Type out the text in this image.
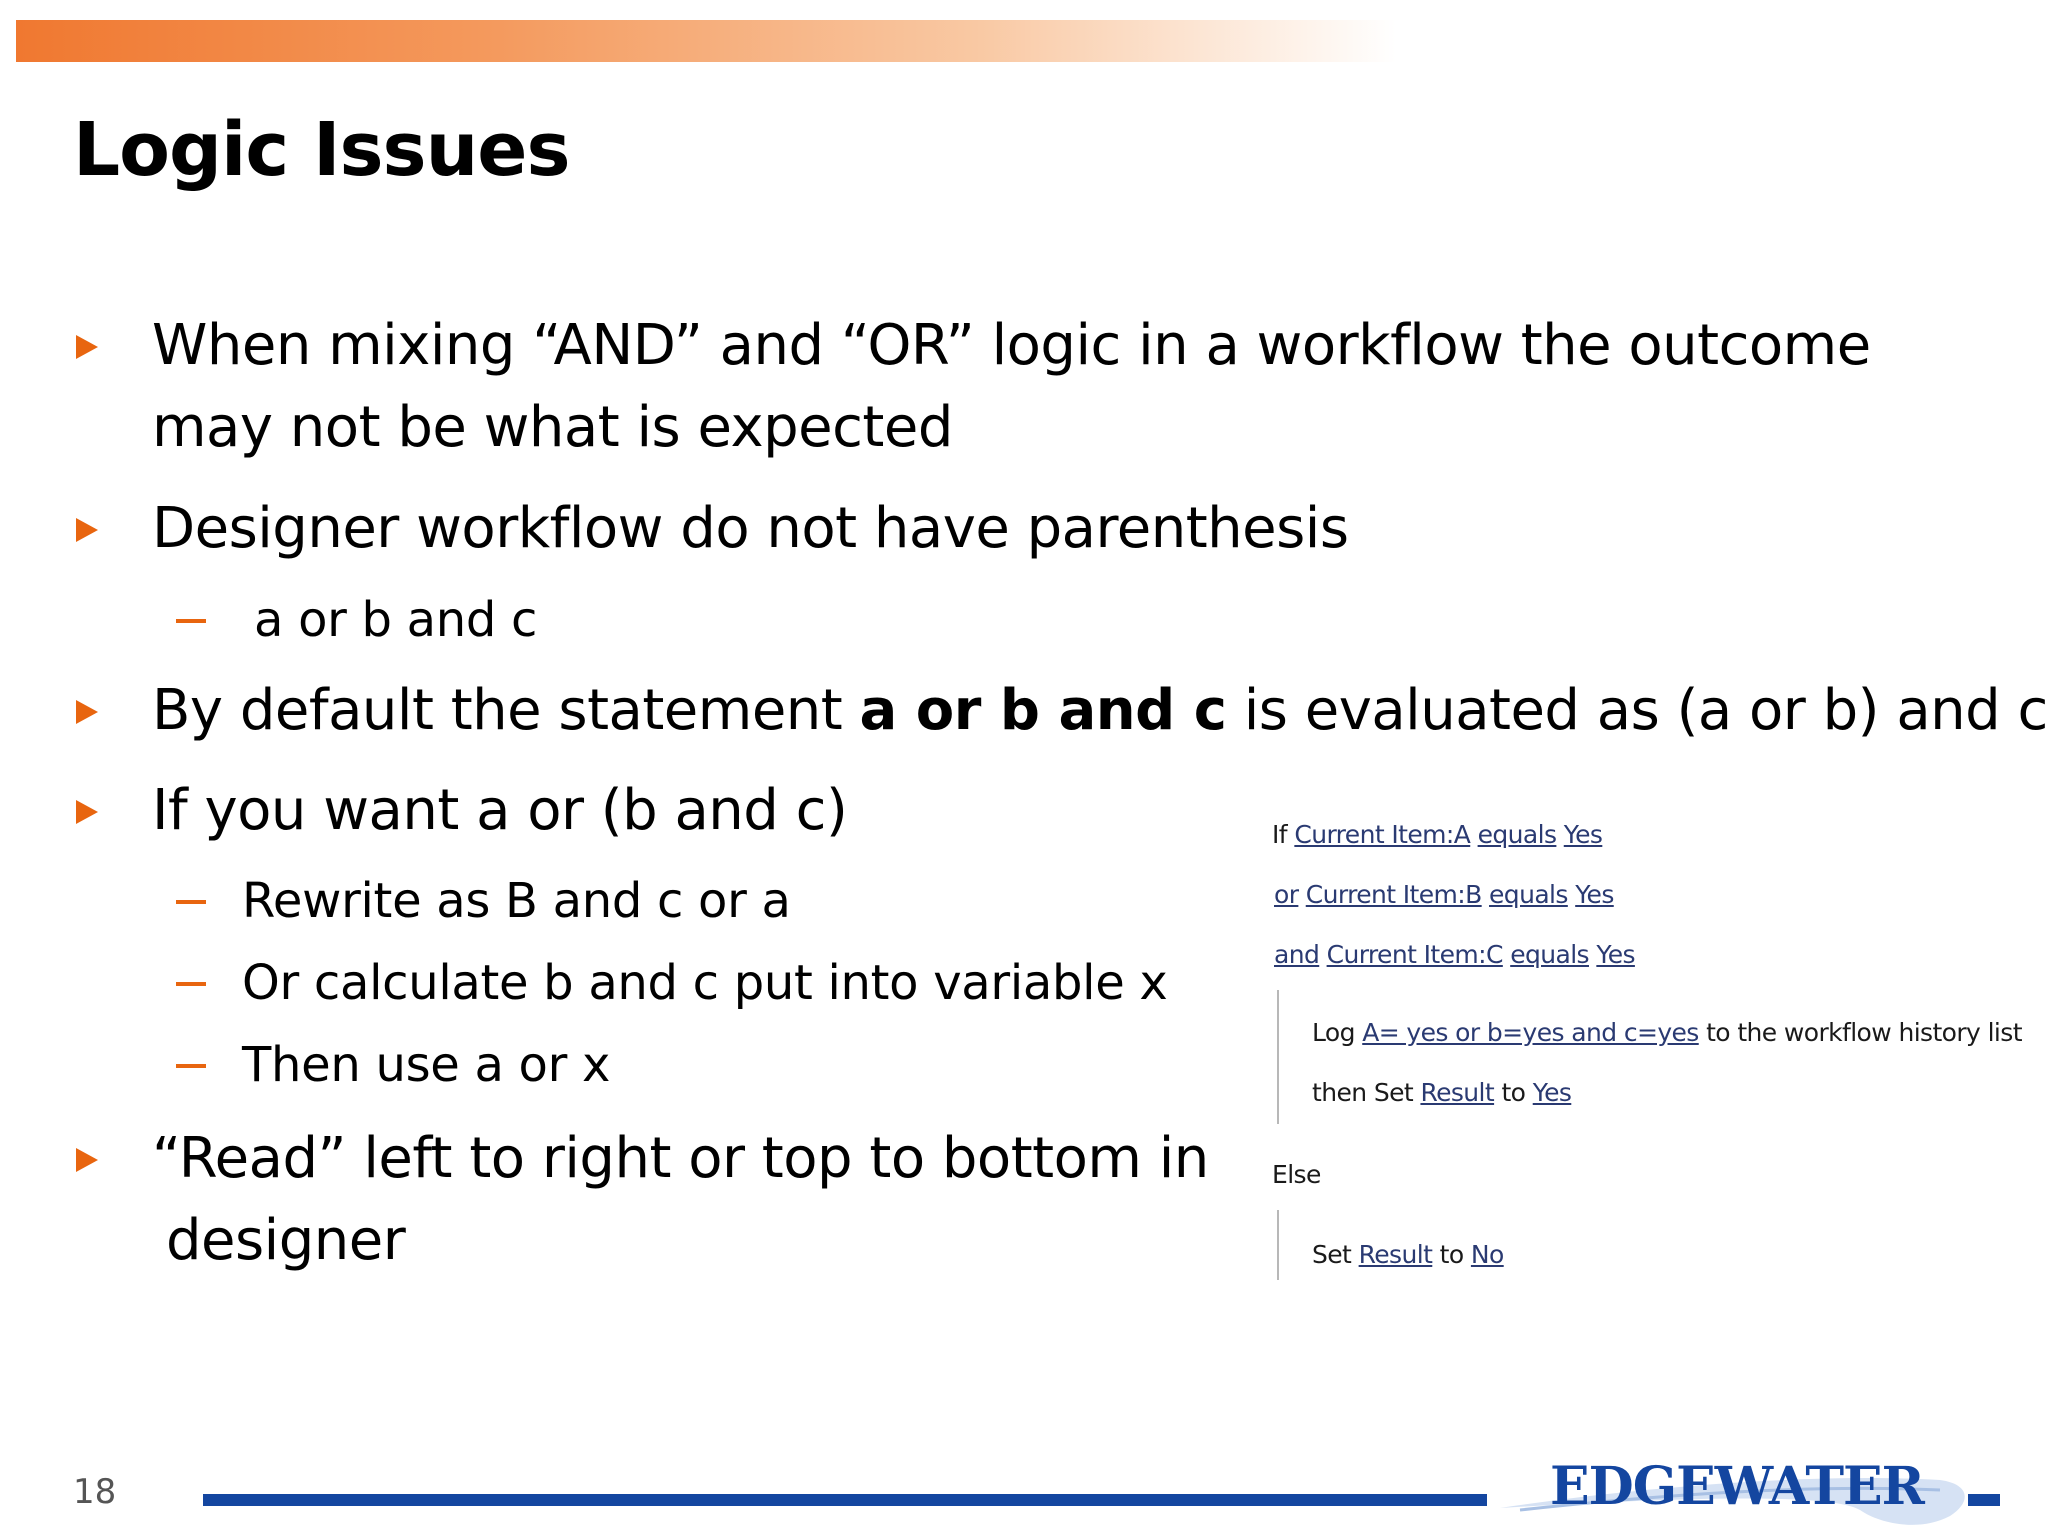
Logic Issues
When mixing “AND” and “OR” logic in a workflow the outcome
may not be what is expected
Designer workflow do not have parenthesis
a or b and c
By default the statement a or b and c is evaluated as (a or b) and c
If you want a or (b and c)
Rewrite as B and c or a
Or calculate b and c put into variable x
Then use a or x
“Read” left to right or top to bottom in
designer
If Current Item:A equals Yes
or Current Item:B equals Yes
and Current Item:C equals Yes
Log A= yes or b=yes and c=yes to the workflow history list
then Set Result to Yes
Else
Set Result to No
18	EDGEWATER
